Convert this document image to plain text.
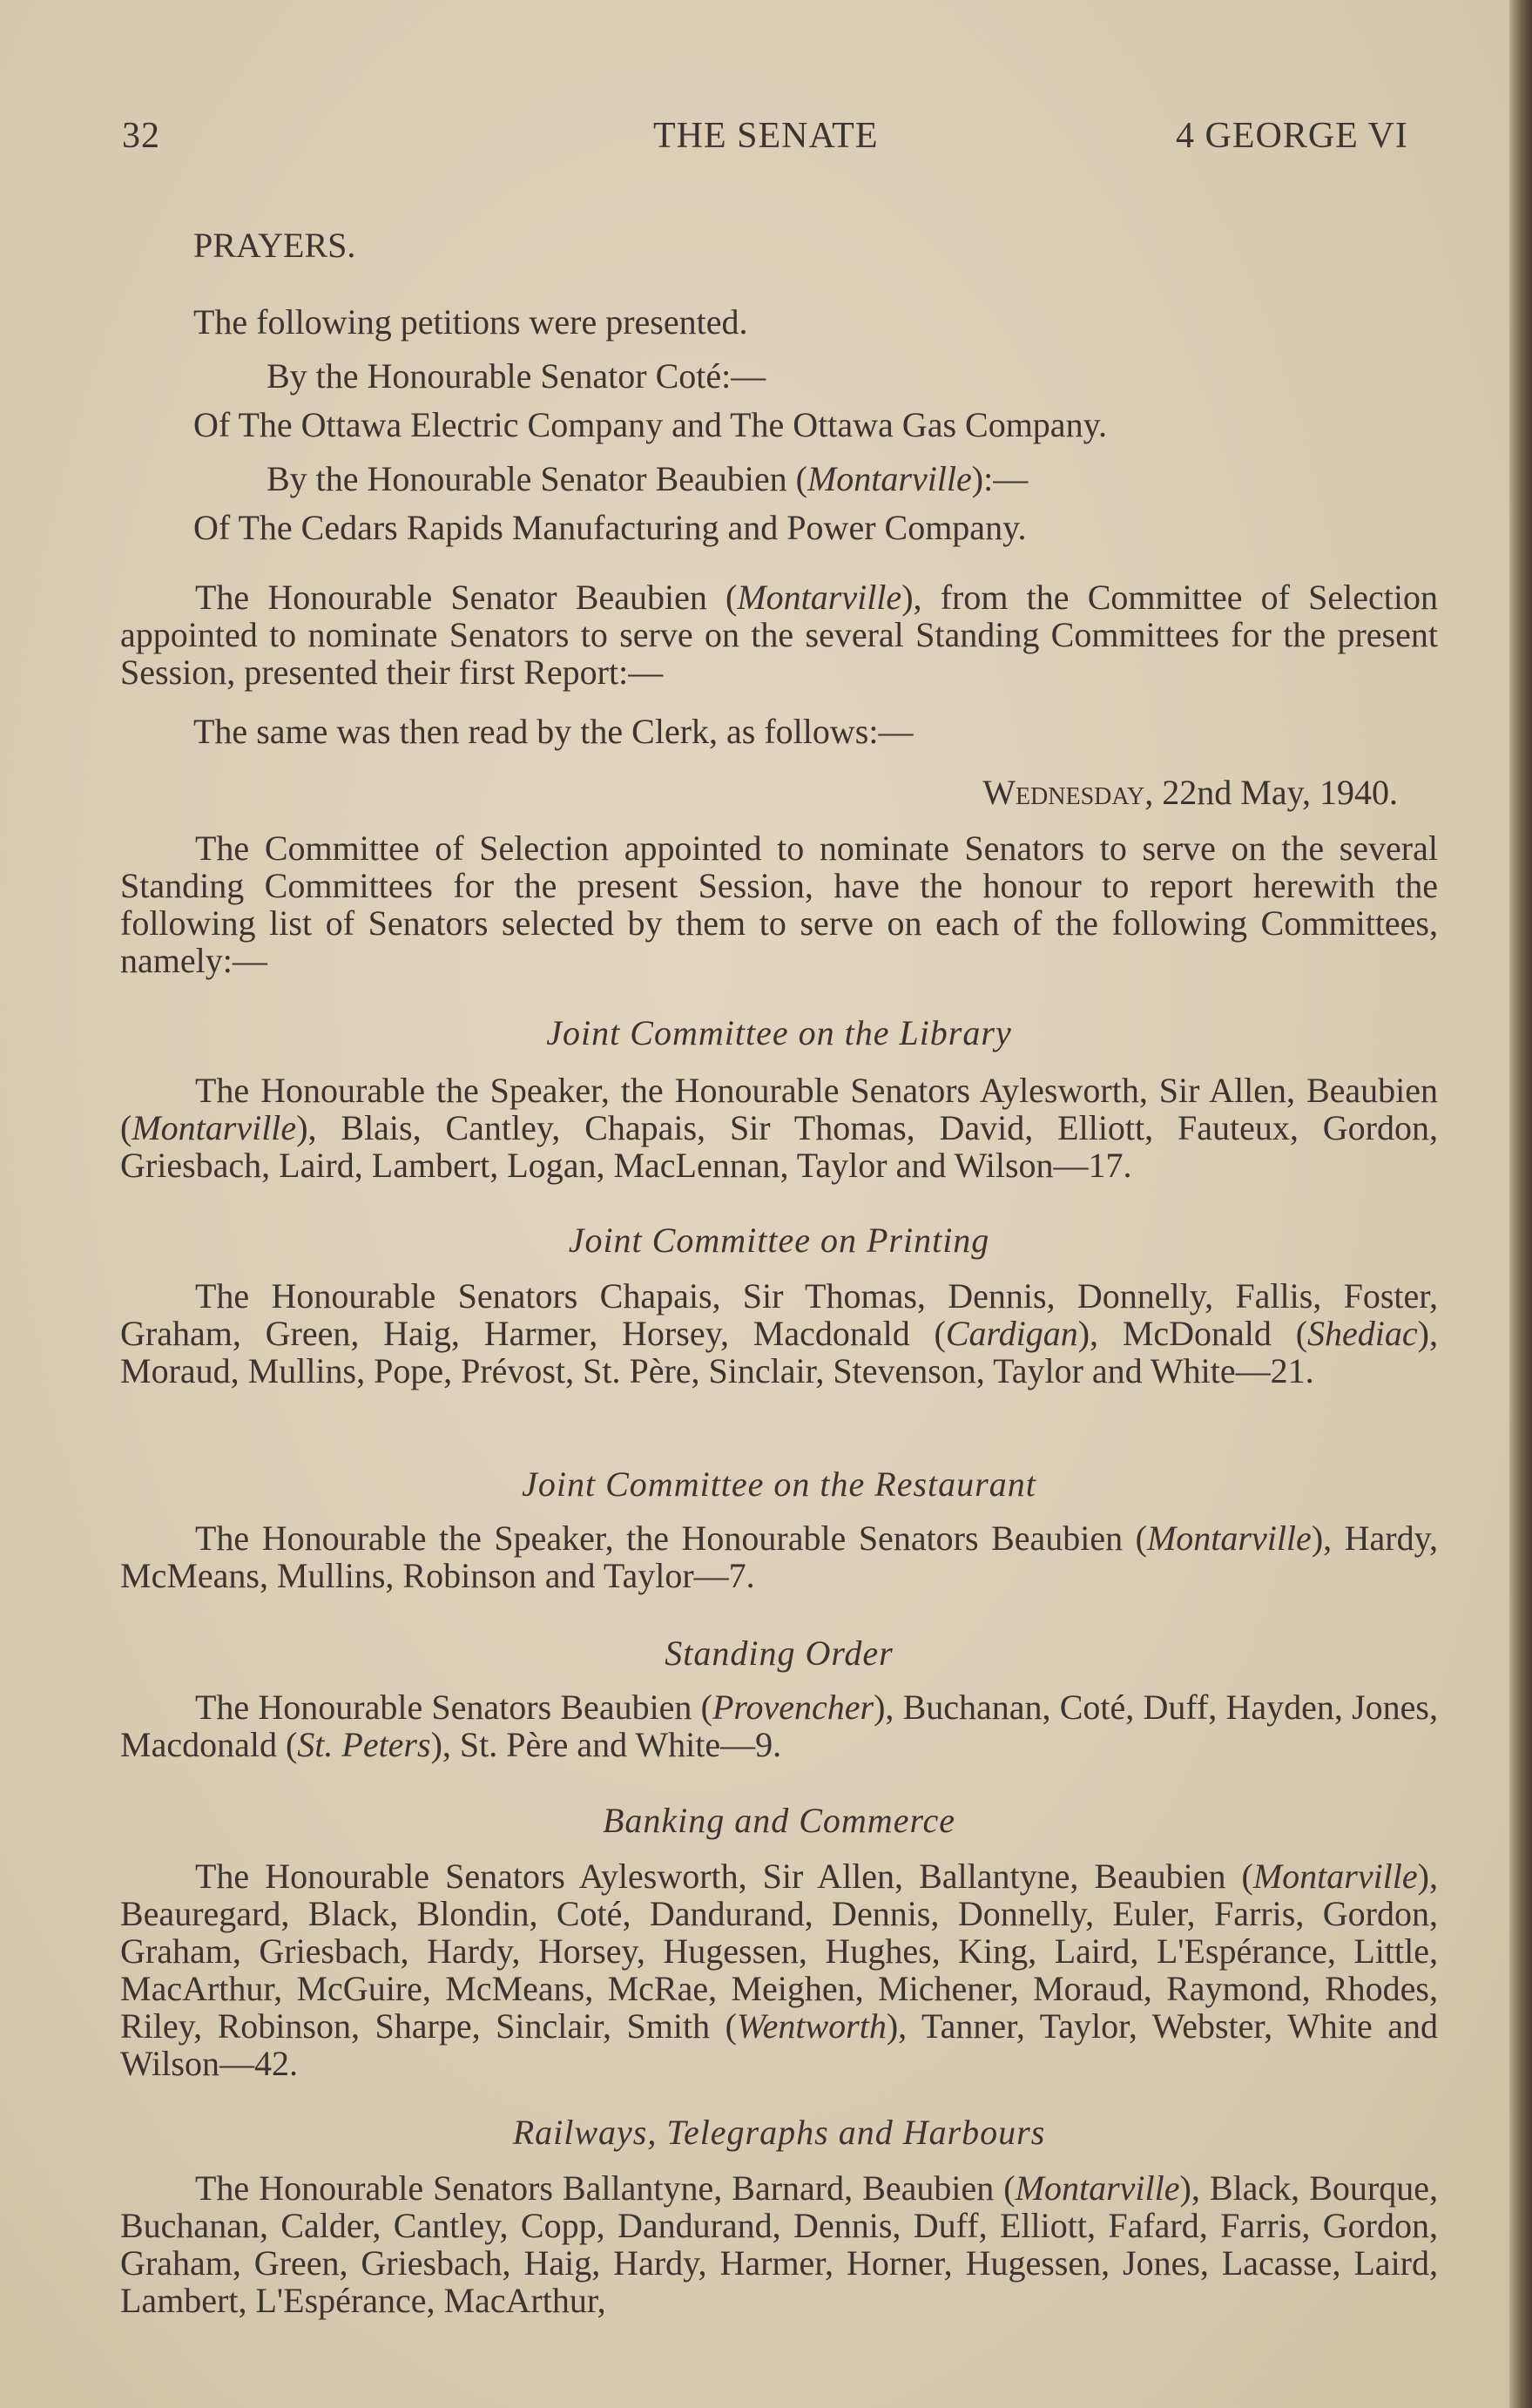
32	THE SENATE	4 GEORGE VI
PRAYERS.
The following petitions were presented.
By the Honourable Senator Coté:—
Of The Ottawa Electric Company and The Ottawa Gas Company.
By the Honourable Senator Beaubien (Montarville):—
Of The Cedars Rapids Manufacturing and Power Company.
The Honourable Senator Beaubien (Montarville), from the Committee of Selection appointed to nominate Senators to serve on the several Standing Committees for the present Session, presented their first Report:—
The same was then read by the Clerk, as follows:—
Wednesday, 22nd May, 1940.
The Committee of Selection appointed to nominate Senators to serve on the several Standing Committees for the present Session, have the honour to report herewith the following list of Senators selected by them to serve on each of the following Committees, namely:—
Joint Committee on the Library
The Honourable the Speaker, the Honourable Senators Aylesworth, Sir Allen, Beaubien (Montarville), Blais, Cantley, Chapais, Sir Thomas, David, Elliott, Fauteux, Gordon, Griesbach, Laird, Lambert, Logan, MacLennan, Taylor and Wilson—17.
Joint Committee on Printing
The Honourable Senators Chapais, Sir Thomas, Dennis, Donnelly, Fallis, Foster, Graham, Green, Haig, Harmer, Horsey, Macdonald (Cardigan), McDonald (Shediac), Moraud, Mullins, Pope, Prévost, St. Père, Sinclair, Stevenson, Taylor and White—21.
Joint Committee on the Restaurant
The Honourable the Speaker, the Honourable Senators Beaubien (Montarville), Hardy, McMeans, Mullins, Robinson and Taylor—7.
Standing Order
The Honourable Senators Beaubien (Provencher), Buchanan, Coté, Duff, Hayden, Jones, Macdonald (St. Peters), St. Père and White—9.
Banking and Commerce
The Honourable Senators Aylesworth, Sir Allen, Ballantyne, Beaubien (Montarville), Beauregard, Black, Blondin, Coté, Dandurand, Dennis, Donnelly, Euler, Farris, Gordon, Graham, Griesbach, Hardy, Horsey, Hugessen, Hughes, King, Laird, L'Espérance, Little, MacArthur, McGuire, McMeans, McRae, Meighen, Michener, Moraud, Raymond, Rhodes, Riley, Robinson, Sharpe, Sinclair, Smith (Wentworth), Tanner, Taylor, Webster, White and Wilson—42.
Railways, Telegraphs and Harbours
The Honourable Senators Ballantyne, Barnard, Beaubien (Montarville), Black, Bourque, Buchanan, Calder, Cantley, Copp, Dandurand, Dennis, Duff, Elliott, Fafard, Farris, Gordon, Graham, Green, Griesbach, Haig, Hardy, Harmer, Horner, Hugessen, Jones, Lacasse, Laird, Lambert, L'Espérance, MacArthur,
